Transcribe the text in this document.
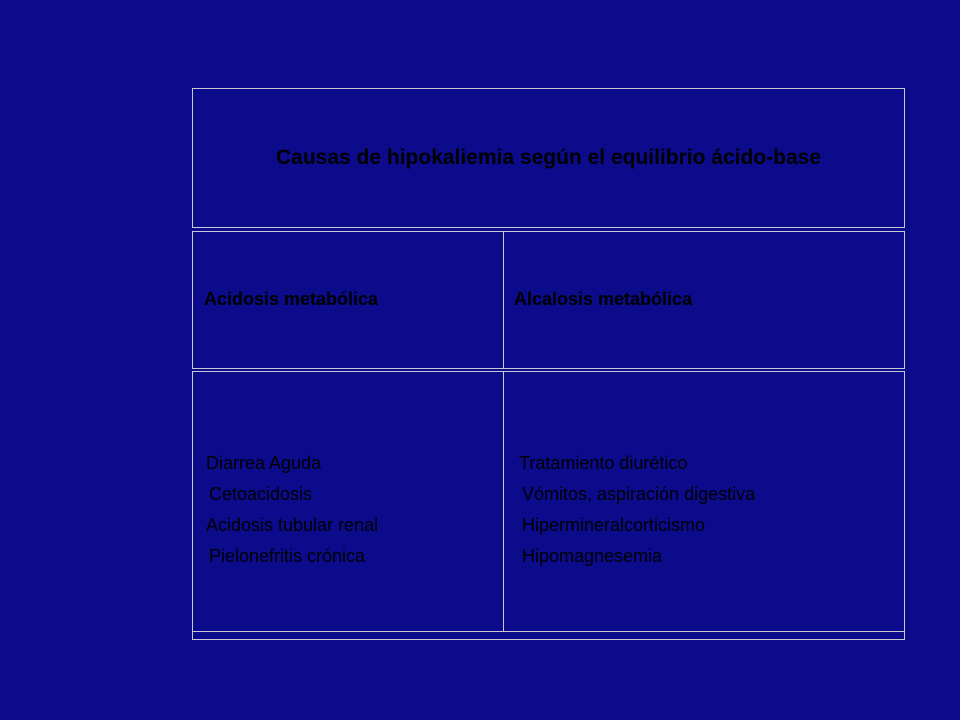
Causas de hipokaliemia según el equilibrio ácido-base
Acidosis metabólica	Alcalosis metabólica
Diarrea Aguda
Cetoacidosis
Acidosis tubular renal
Pielonefritis crónica
Tratamiento diurético
Vómitos, aspiración digestiva
Hipermineralcorticismo
Hipomagnesemia
